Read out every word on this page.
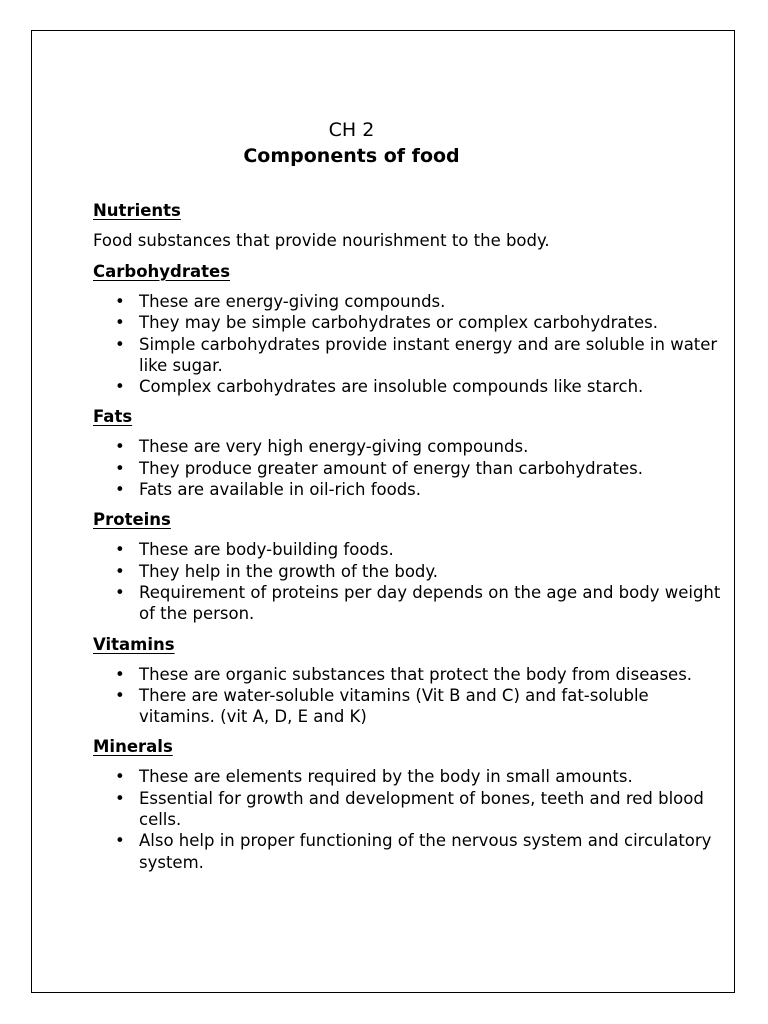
CH 2

Components of food

Nutrients
Food substances that provide nourishment to the body.
Carbohydrates
• These are energy-giving compounds.
• They may be simple carbohydrates or complex carbohydrates.
• Simple carbohydrates provide instant energy and are soluble in water like sugar.
• Complex carbohydrates are insoluble compounds like starch.
Fats
• These are very high energy-giving compounds.
• They produce greater amount of energy than carbohydrates.
• Fats are available in oil-rich foods.
Proteins
• These are body-building foods.
• They help in the growth of the body.
• Requirement of proteins per day depends on the age and body weight of the person.
Vitamins
• These are organic substances that protect the body from diseases.
• There are water-soluble vitamins (Vit B and C) and fat-soluble vitamins. (vit A, D, E and K)
Minerals
• These are elements required by the body in small amounts.
• Essential for growth and development of bones, teeth and red blood cells.
• Also help in proper functioning of the nervous system and circulatory system.
